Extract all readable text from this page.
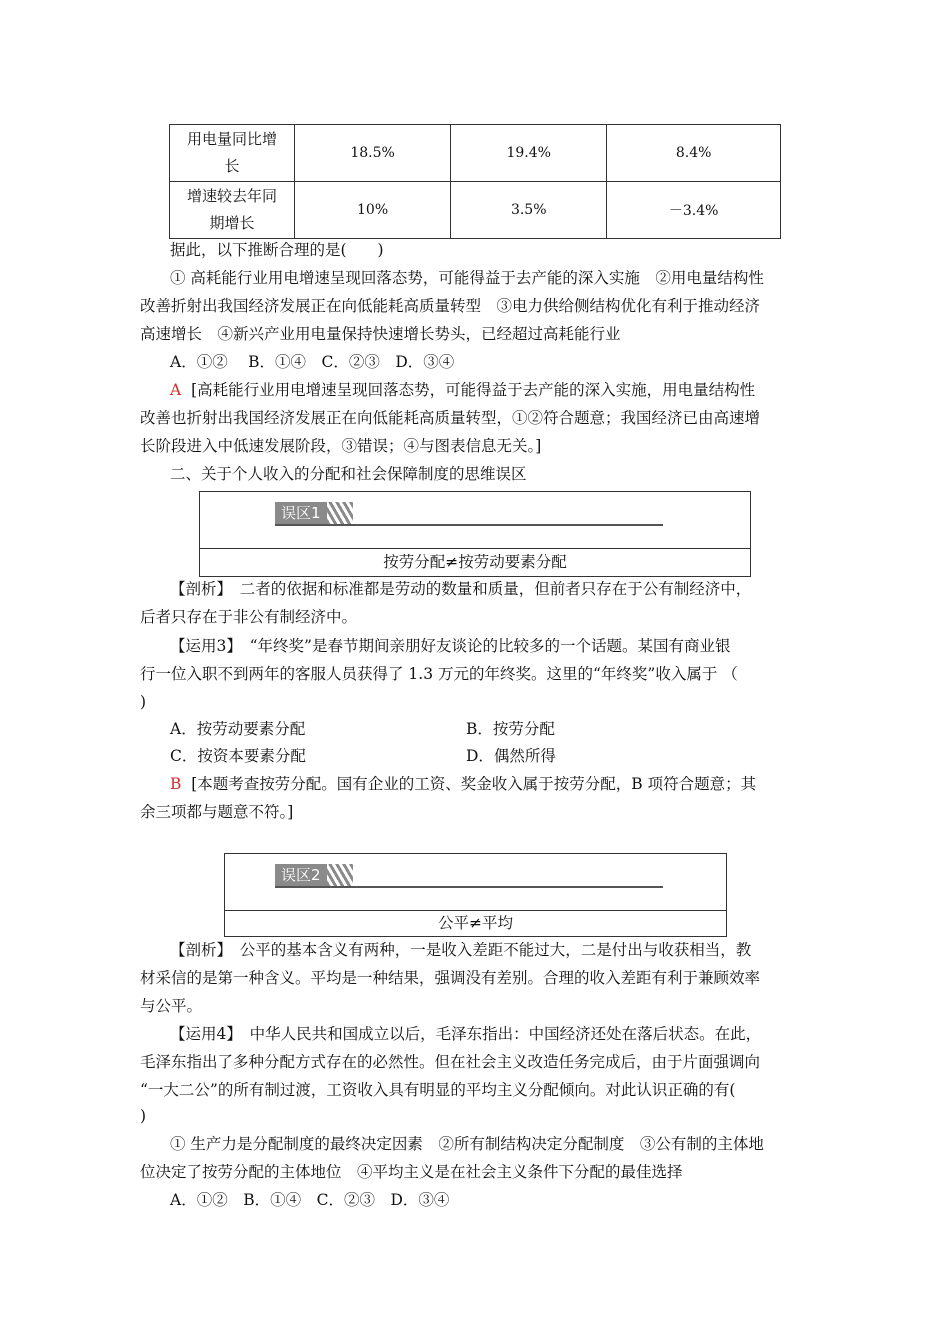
用电量同比增
长	18.5%	19.4%	8.4%
增速较去年同
期增长	10%	3.5%	－3.4%
据此，以下推断合理的是(　　)
① 高耗能行业用电增速呈现回落态势，可能得益于去产能的深入实施　②用电量结构性
改善折射出我国经济发展正在向低能耗高质量转型　③电力供给侧结构优化有利于推动经济
高速增长　④新兴产业用电量保持快速增长势头，已经超过高耗能行业
A．①②　 B．①④　C．②③　D．③④
A [高耗能行业用电增速呈现回落态势，可能得益于去产能的深入实施，用电量结构性
改善也折射出我国经济发展正在向低能耗高质量转型，①②符合题意；我国经济已由高速增
长阶段进入中低速发展阶段，③错误；④与图表信息无关。]
二、关于个人收入的分配和社会保障制度的思维误区
误区1
按劳分配≠按劳动要素分配
【剖析】　二者的依据和标准都是劳动的数量和质量，但前者只存在于公有制经济中，
后者只存在于非公有制经济中。
【运用3】　“年终奖”是春节期间亲朋好友谈论的比较多的一个话题。某国有商业银
行一位入职不到两年的客服人员获得了 1.3 万元的年终奖。这里的“年终奖”收入属于 （
)
A．按劳动要素分配	B．按劳分配
C．按资本要素分配	D．偶然所得
B [本题考查按劳分配。国有企业的工资、奖金收入属于按劳分配，B 项符合题意；其
余三项都与题意不符。]
误区2
公平≠平均
【剖析】　公平的基本含义有两种，一是收入差距不能过大，二是付出与收获相当，教
材采信的是第一种含义。平均是一种结果，强调没有差别。合理的收入差距有利于兼顾效率
与公平。
【运用4】　中华人民共和国成立以后，毛泽东指出：中国经济还处在落后状态。在此，
毛泽东指出了多种分配方式存在的必然性。但在社会主义改造任务完成后，由于片面强调向
“一大二公”的所有制过渡，工资收入具有明显的平均主义分配倾向。对此认识正确的有(
)
① 生产力是分配制度的最终决定因素　②所有制结构决定分配制度　③公有制的主体地
位决定了按劳分配的主体地位　④平均主义是在社会主义条件下分配的最佳选择
A．①②　B．①④　C．②③　D．③④
